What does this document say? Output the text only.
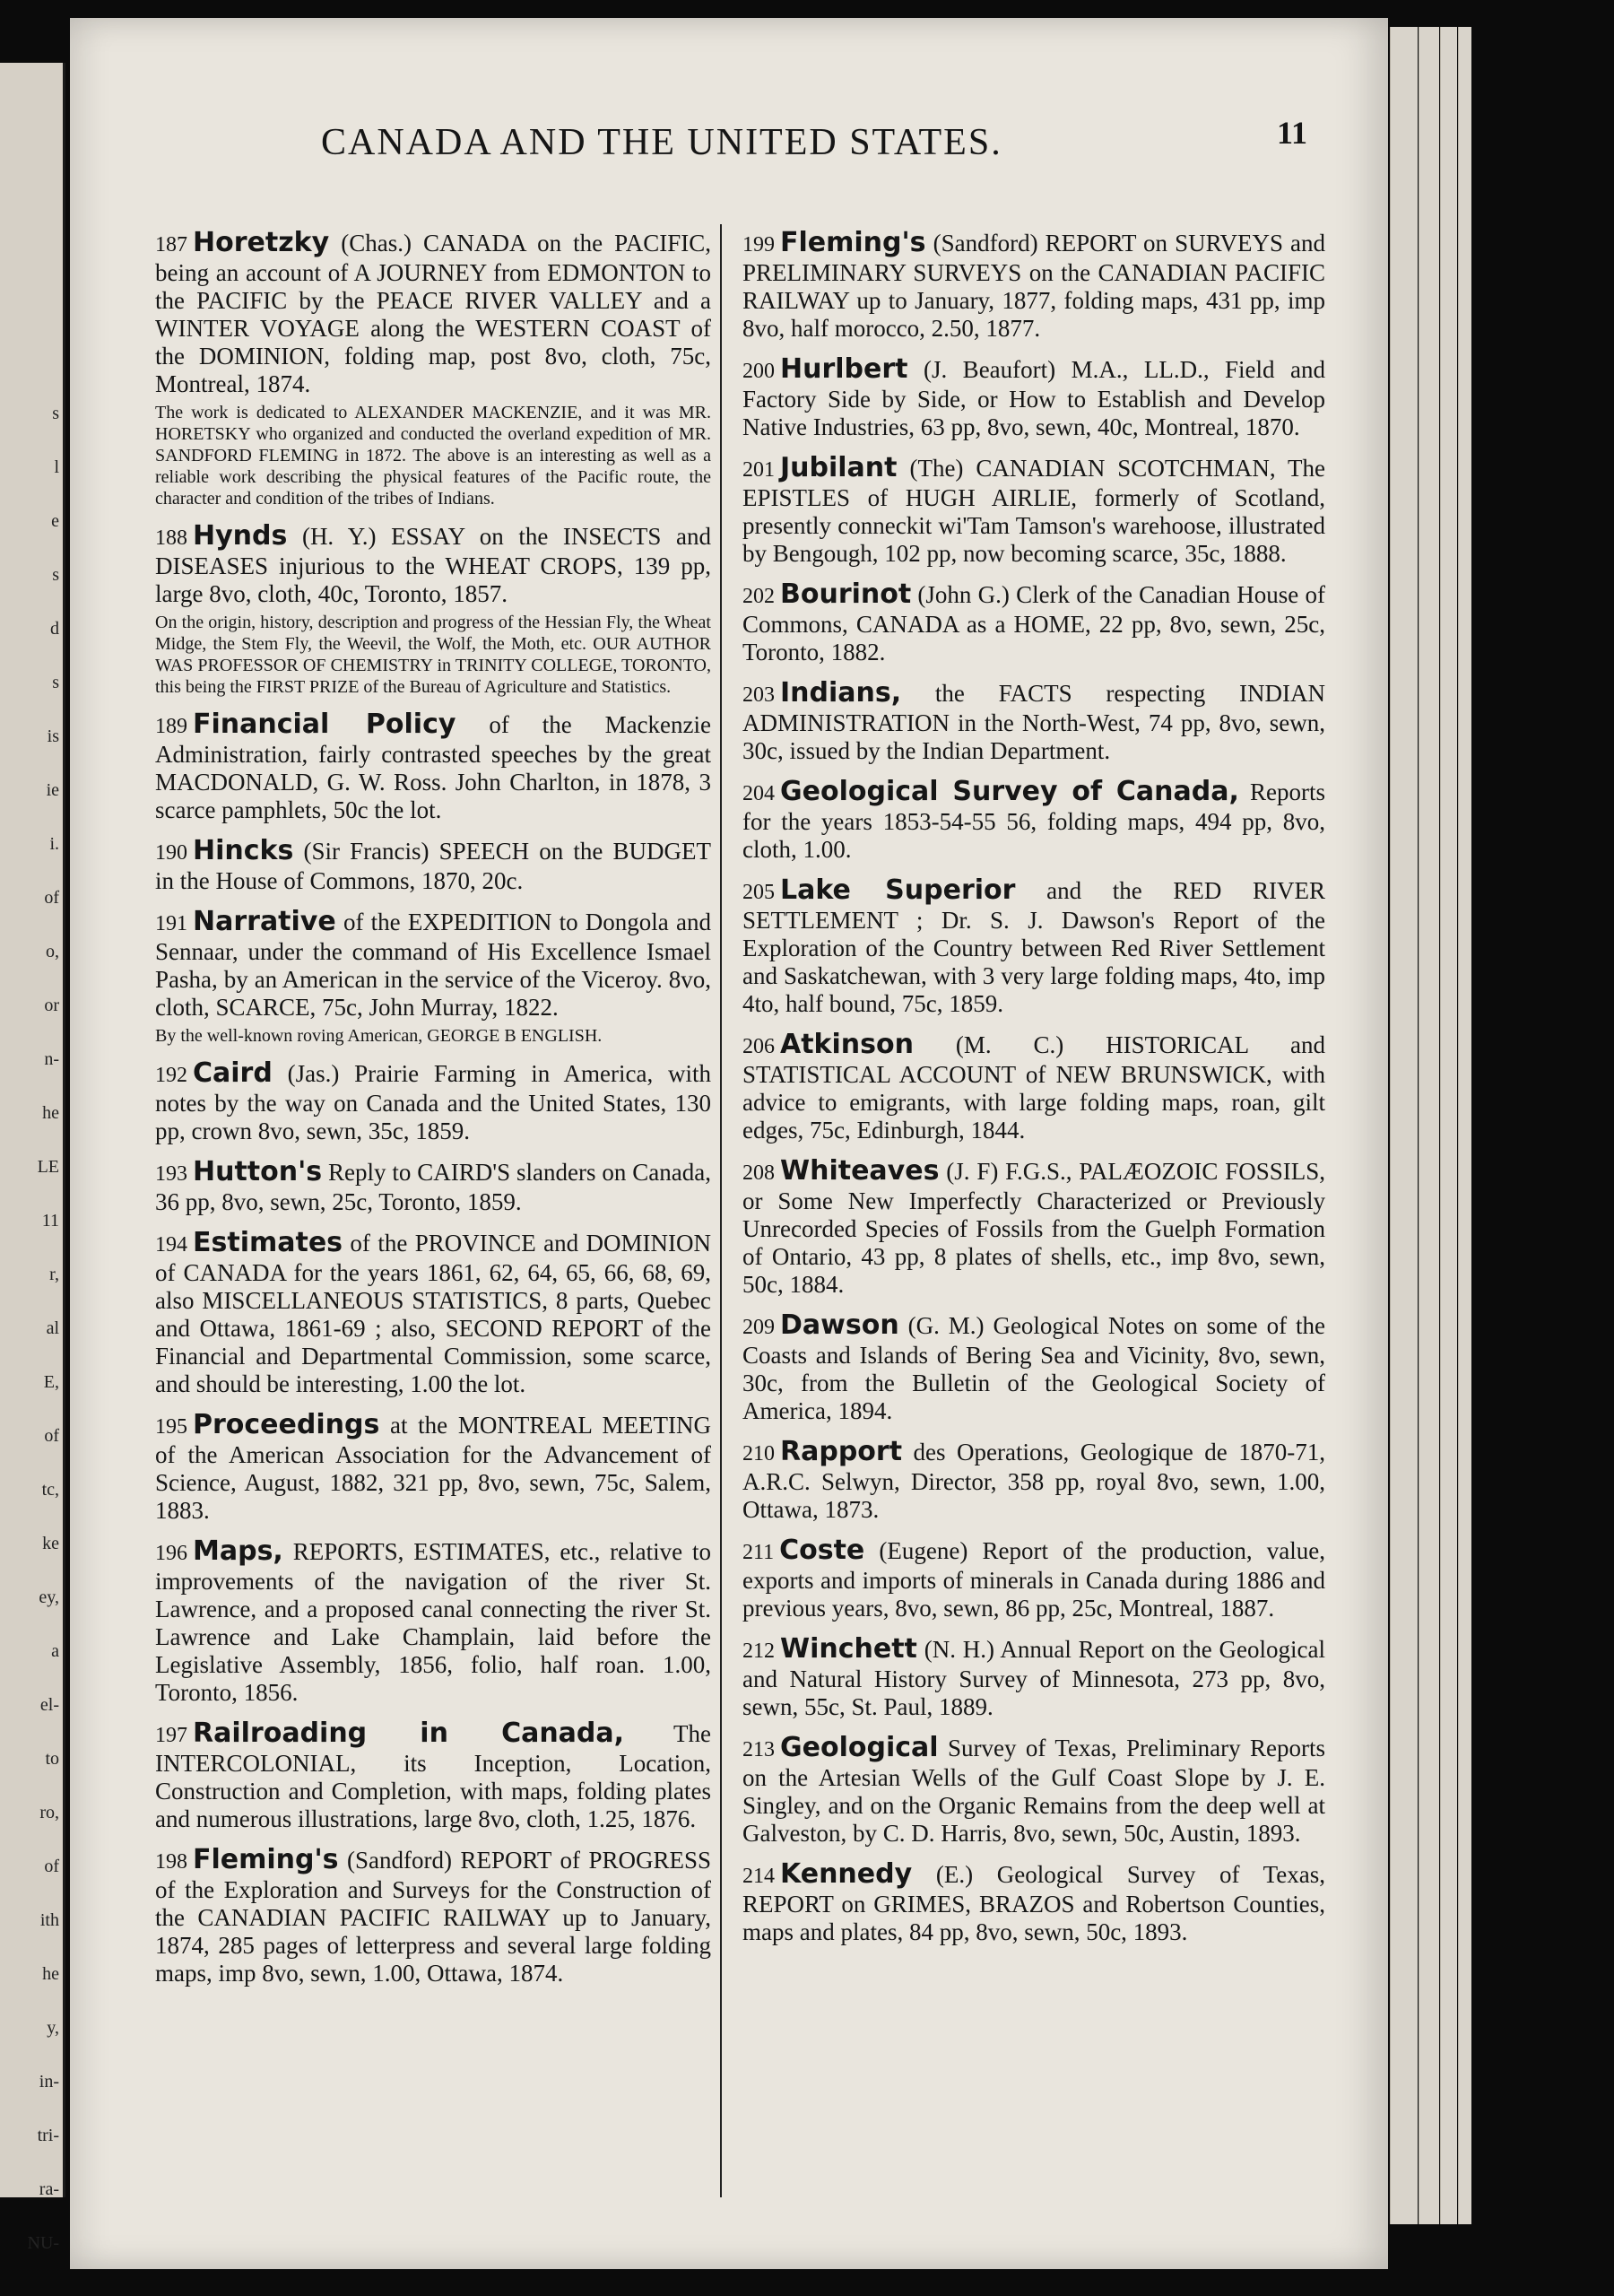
s
l
e
s
d
s
is
ie
i.
of
o,
or
n-
he
LE
11
r,
al
E,
of
tc,
ke
ey,
a
el-
to
ro,
of
ith
he
y,
in-
tri-
ra-
NU-
CANADA AND THE UNITED STATES.	11
187 Horetzky (Chas.) CANADA on the PACIFIC, being an account of A JOURNEY from EDMONTON to the PACIFIC by the PEACE RIVER VALLEY and a WINTER VOYAGE along the WESTERN COAST of the DOMINION, folding map, post 8vo, cloth, 75c, Montreal, 1874.
The work is dedicated to ALEXANDER MACKENZIE, and it was MR. HORETSKY who organized and conducted the overland expedition of MR. SANDFORD FLEMING in 1872. The above is an interesting as well as a reliable work describing the physical features of the Pacific route, the character and condition of the tribes of Indians.
188 Hynds (H. Y.) ESSAY on the INSECTS and DISEASES injurious to the WHEAT CROPS, 139 pp, large 8vo, cloth, 40c, Toronto, 1857.
On the origin, history, description and progress of the Hessian Fly, the Wheat Midge, the Stem Fly, the Weevil, the Wolf, the Moth, etc. OUR AUTHOR WAS PROFESSOR OF CHEMISTRY in TRINITY COLLEGE, TORONTO, this being the FIRST PRIZE of the Bureau of Agriculture and Statistics.
189 Financial Policy of the Mackenzie Administration, fairly contrasted speeches by the great MACDONALD, G. W. Ross. John Charlton, in 1878, 3 scarce pamphlets, 50c the lot.
190 Hincks (Sir Francis) SPEECH on the BUDGET in the House of Commons, 1870, 20c.
191 Narrative of the EXPEDITION to Dongola and Sennaar, under the command of His Excellence Ismael Pasha, by an American in the service of the Viceroy. 8vo, cloth, SCARCE, 75c, John Murray, 1822.
By the well-known roving American, GEORGE B ENGLISH.
192 Caird (Jas.) Prairie Farming in America, with notes by the way on Canada and the United States, 130 pp, crown 8vo, sewn, 35c, 1859.
193 Hutton's Reply to CAIRD'S slanders on Canada, 36 pp, 8vo, sewn, 25c, Toronto, 1859.
194 Estimates of the PROVINCE and DOMINION of CANADA for the years 1861, 62, 64, 65, 66, 68, 69, also MISCELLANEOUS STATISTICS, 8 parts, Quebec and Ottawa, 1861-69 ; also, SECOND REPORT of the Financial and Departmental Commission, some scarce, and should be interesting, 1.00 the lot.
195 Proceedings at the MONTREAL MEETING of the American Association for the Advancement of Science, August, 1882, 321 pp, 8vo, sewn, 75c, Salem, 1883.
196 Maps, REPORTS, ESTIMATES, etc., relative to improvements of the navigation of the river St. Lawrence, and a proposed canal connecting the river St. Lawrence and Lake Champlain, laid before the Legislative Assembly, 1856, folio, half roan. 1.00, Toronto, 1856.
197 Railroading in Canada, The INTERCOLONIAL, its Inception, Location, Construction and Completion, with maps, folding plates and numerous illustrations, large 8vo, cloth, 1.25, 1876.
198 Fleming's (Sandford) REPORT of PROGRESS of the Exploration and Surveys for the Construction of the CANADIAN PACIFIC RAILWAY up to January, 1874, 285 pages of letterpress and several large folding maps, imp 8vo, sewn, 1.00, Ottawa, 1874.
199 Fleming's (Sandford) REPORT on SURVEYS and PRELIMINARY SURVEYS on the CANADIAN PACIFIC RAILWAY up to January, 1877, folding maps, 431 pp, imp 8vo, half morocco, 2.50, 1877.
200 Hurlbert (J. Beaufort) M.A., LL.D., Field and Factory Side by Side, or How to Establish and Develop Native Industries, 63 pp, 8vo, sewn, 40c, Montreal, 1870.
201 Jubilant (The) CANADIAN SCOTCHMAN, The EPISTLES of HUGH AIRLIE, formerly of Scotland, presently conneckit wi'Tam Tamson's warehoose, illustrated by Bengough, 102 pp, now becoming scarce, 35c, 1888.
202 Bourinot (John G.) Clerk of the Canadian House of Commons, CANADA as a HOME, 22 pp, 8vo, sewn, 25c, Toronto, 1882.
203 Indians, the FACTS respecting INDIAN ADMINISTRATION in the North-West, 74 pp, 8vo, sewn, 30c, issued by the Indian Department.
204 Geological Survey of Canada, Reports for the years 1853-54-55 56, folding maps, 494 pp, 8vo, cloth, 1.00.
205 Lake Superior and the RED RIVER SETTLEMENT ; Dr. S. J. Dawson's Report of the Exploration of the Country between Red River Settlement and Saskatchewan, with 3 very large folding maps, 4to, imp 4to, half bound, 75c, 1859.
206 Atkinson (M. C.) HISTORICAL and STATISTICAL ACCOUNT of NEW BRUNSWICK, with advice to emigrants, with large folding maps, roan, gilt edges, 75c, Edinburgh, 1844.
208 Whiteaves (J. F) F.G.S., PALÆOZOIC FOSSILS, or Some New Imperfectly Characterized or Previously Unrecorded Species of Fossils from the Guelph Formation of Ontario, 43 pp, 8 plates of shells, etc., imp 8vo, sewn, 50c, 1884.
209 Dawson (G. M.) Geological Notes on some of the Coasts and Islands of Bering Sea and Vicinity, 8vo, sewn, 30c, from the Bulletin of the Geological Society of America, 1894.
210 Rapport des Operations, Geologique de 1870-71, A.R.C. Selwyn, Director, 358 pp, royal 8vo, sewn, 1.00, Ottawa, 1873.
211 Coste (Eugene) Report of the production, value, exports and imports of minerals in Canada during 1886 and previous years, 8vo, sewn, 86 pp, 25c, Montreal, 1887.
212 Winchett (N. H.) Annual Report on the Geological and Natural History Survey of Minnesota, 273 pp, 8vo, sewn, 55c, St. Paul, 1889.
213 Geological Survey of Texas, Preliminary Reports on the Artesian Wells of the Gulf Coast Slope by J. E. Singley, and on the Organic Remains from the deep well at Galveston, by C. D. Harris, 8vo, sewn, 50c, Austin, 1893.
214 Kennedy (E.) Geological Survey of Texas, REPORT on GRIMES, BRAZOS and Robertson Counties, maps and plates, 84 pp, 8vo, sewn, 50c, 1893.
